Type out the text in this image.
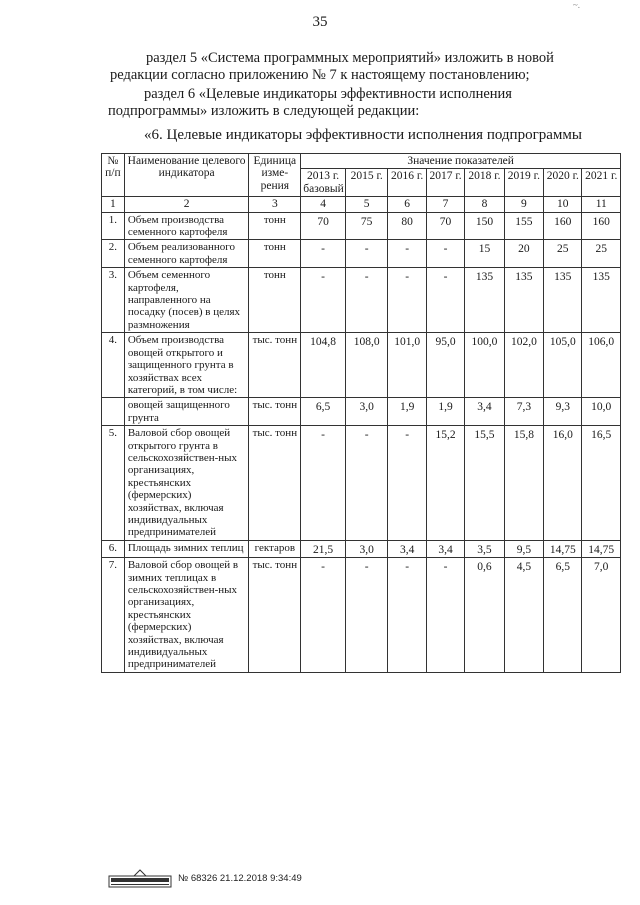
~.
35
раздел 5 «Система программных мероприятий» изложить в новой
редакции согласно приложению № 7 к настоящему постановлению;
раздел 6 «Целевые индикаторы эффективности исполнения
подпрограммы» изложить в следующей редакции:
«6. Целевые индикаторы эффективности исполнения подпрограммы
№ п/п	Наименование целевого индикатора	Единица изме-рения	Значение показателей							
			2013 г. базовый	2015 г.	2016 г.	2017 г.	2018 г.	2019 г.	2020 г.	2021 г.
1	2	3	4	5	6	7	8	9	10	11
1.	Объем производства семенного картофеля	тонн	70	75	80	70	150	155	160	160
2.	Объем реализованного семенного картофеля	тонн	-	-	-	-	15	20	25	25
3.	Объем семенного картофеля, направленного на посадку (посев) в целях размножения	тонн	-	-	-	-	135	135	135	135
4.	Объем производства овощей открытого и защищенного грунта в хозяйствах всех категорий, в том числе:	тыс. тонн	104,8	108,0	101,0	95,0	100,0	102,0	105,0	106,0
	овощей защищенного грунта	тыс. тонн	6,5	3,0	1,9	1,9	3,4	7,3	9,3	10,0
5.	Валовой сбор овощей открытого грунта в сельскохозяйствен-ных организациях, крестьянских (фермерских) хозяйствах, включая индивидуальных предпринимателей	тыс. тонн	-	-	-	15,2	15,5	15,8	16,0	16,5
6.	Площадь зимних теплиц	гектаров	21,5	3,0	3,4	3,4	3,5	9,5	14,75	14,75
7.	Валовой сбор овощей в зимних теплицах в сельскохозяйствен-ных организациях, крестьянских (фермерских) хозяйствах, включая индивидуальных предпринимателей	тыс. тонн	-	-	-	-	0,6	4,5	6,5	7,0
№ 68326 21.12.2018 9:34:49
